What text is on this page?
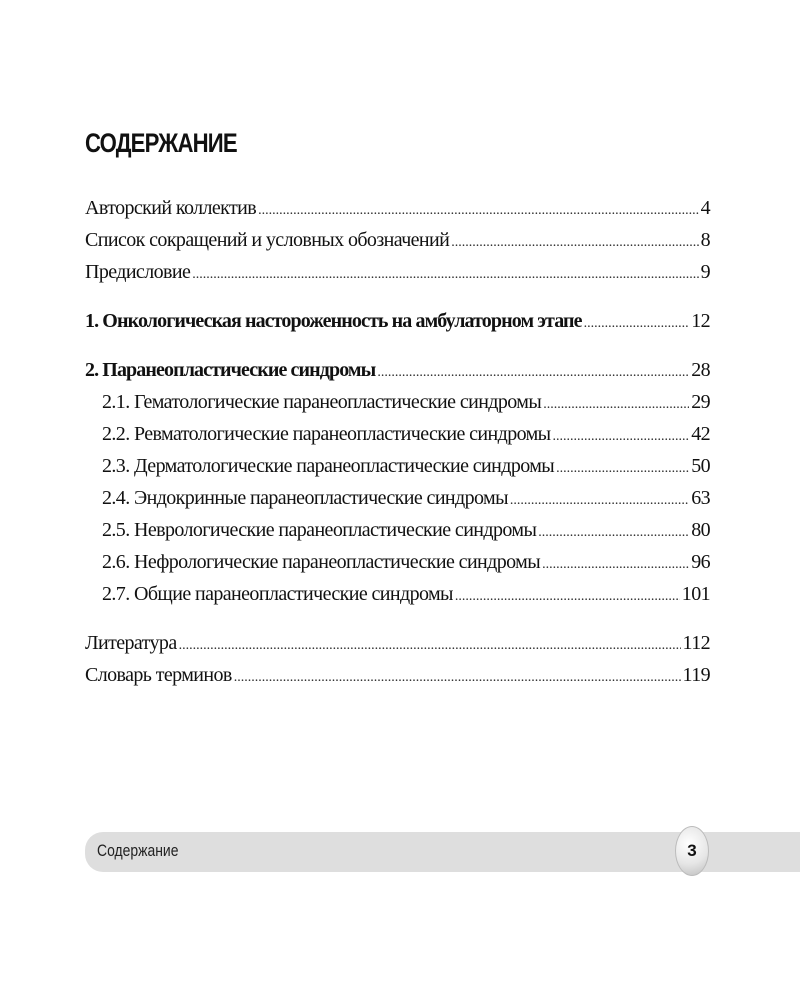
СОДЕРЖАНИЕ
Авторский коллектив .....	4
Список сокращений и условных обозначений .....	8
Предисловие .....	9
1. Онкологическая настороженность на амбулаторном этапе .....	12
2. Паранеопластические синдромы .....	28
2.1. Гематологические паранеопластические синдромы .....	29
2.2. Ревматологические паранеопластические синдромы .....	42
2.3. Дерматологические паранеопластические синдромы .....	50
2.4. Эндокринные паранеопластические синдромы .....	63
2.5. Неврологические паранеопластические синдромы .....	80
2.6. Нефрологические паранеопластические синдромы .....	96
2.7. Общие паранеопластические синдромы .....	101
Литература .....	112
Словарь терминов .....	119
Содержание	3
